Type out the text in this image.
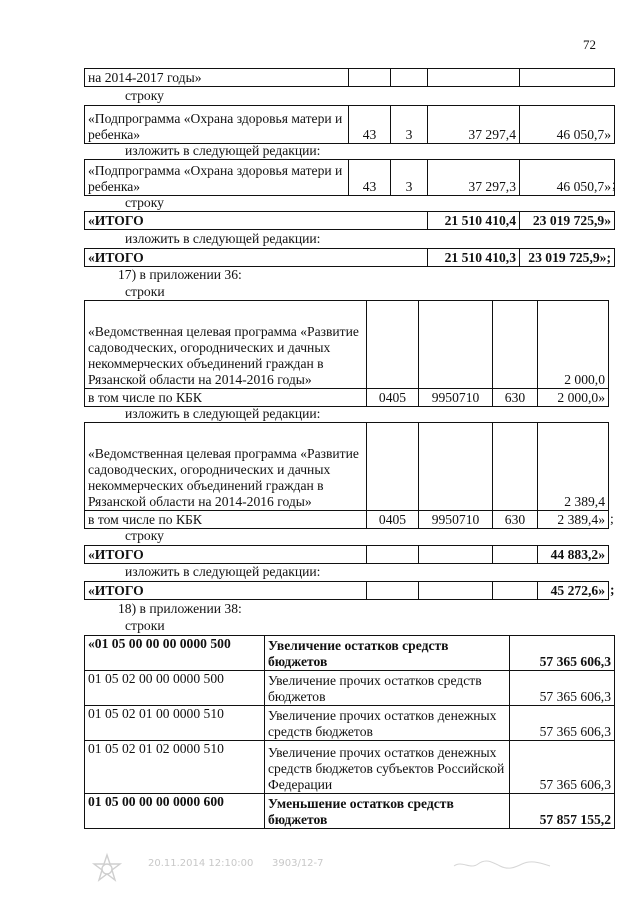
72
на 2014-2017 годы»				
строку
«Подпрограмма «Охрана здоровья матери и ребенка»	43	3	37 297,4	46 050,7»
изложить в следующей редакции:
«Подпрограмма «Охрана здоровья матери и ребенка»	43	3	37 297,3	46 050,7» ;
строку
«ИТОГО	21 510 410,4	23 019 725,9»
изложить в следующей редакции:
«ИТОГО	21 510 410,3	23 019 725,9»;
17) в приложении 36:
строки
«Ведомственная целевая программа «Развитие садоводческих, огороднических и дачных некоммерческих объединений граждан в Рязанской области на 2014-2016 годы»				2 000,0
в том числе по КБК	0405	9950710	630	2 000,0»
изложить в следующей редакции:
«Ведомственная целевая программа «Развитие садоводческих, огороднических и дачных некоммерческих объединений граждан в Рязанской области на 2014-2016 годы»				2 389,4
в том числе по КБК	0405	9950710	630	2 389,4» ;
строку
«ИТОГО				44 883,2»
изложить в следующей редакции:
«ИТОГО				45 272,6» ;
18) в приложении 38:
строки
«01 05 00 00 00 0000 500	Увеличение остатков средств бюджетов	57 365 606,3
01 05 02 00 00 0000 500	Увеличение прочих остатков средств бюджетов	57 365 606,3
01 05 02 01 00 0000 510	Увеличение прочих остатков денежных средств бюджетов	57 365 606,3
01 05 02 01 02 0000 510	Увеличение прочих остатков денежных средств бюджетов субъектов Российской Федерации	57 365 606,3
01 05 00 00 00 0000 600	Уменьшение остатков средств бюджетов	57 857 155,2
20.11.2014 12:10:00 3903/12-7
